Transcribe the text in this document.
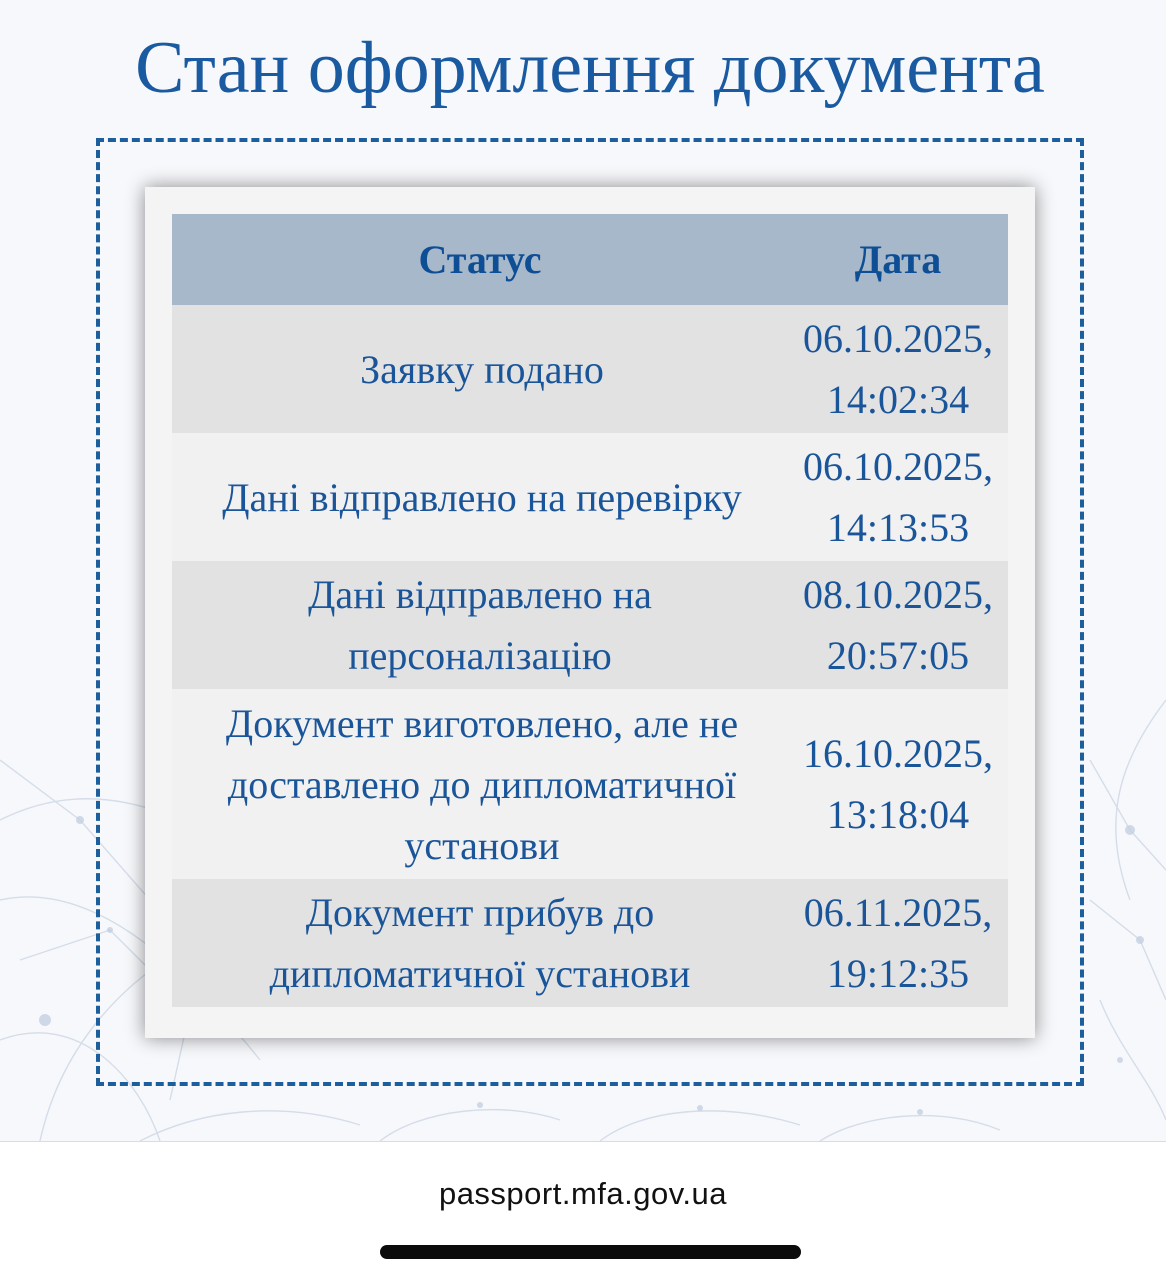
Стан оформлення документа
Статус	Дата
Заявку подано	06.10.2025,
14:02:34

Дані відправлено на перевірку	06.10.2025,
14:13:53

Дані відправлено на персоналізацію	08.10.2025,
20:57:05

Документ виготовлено, але не доставлено до дипломатичної установи	16.10.2025,
13:18:04

Документ прибув до дипломатичної установи	06.11.2025,
19:12:35
passport.mfa.gov.ua
